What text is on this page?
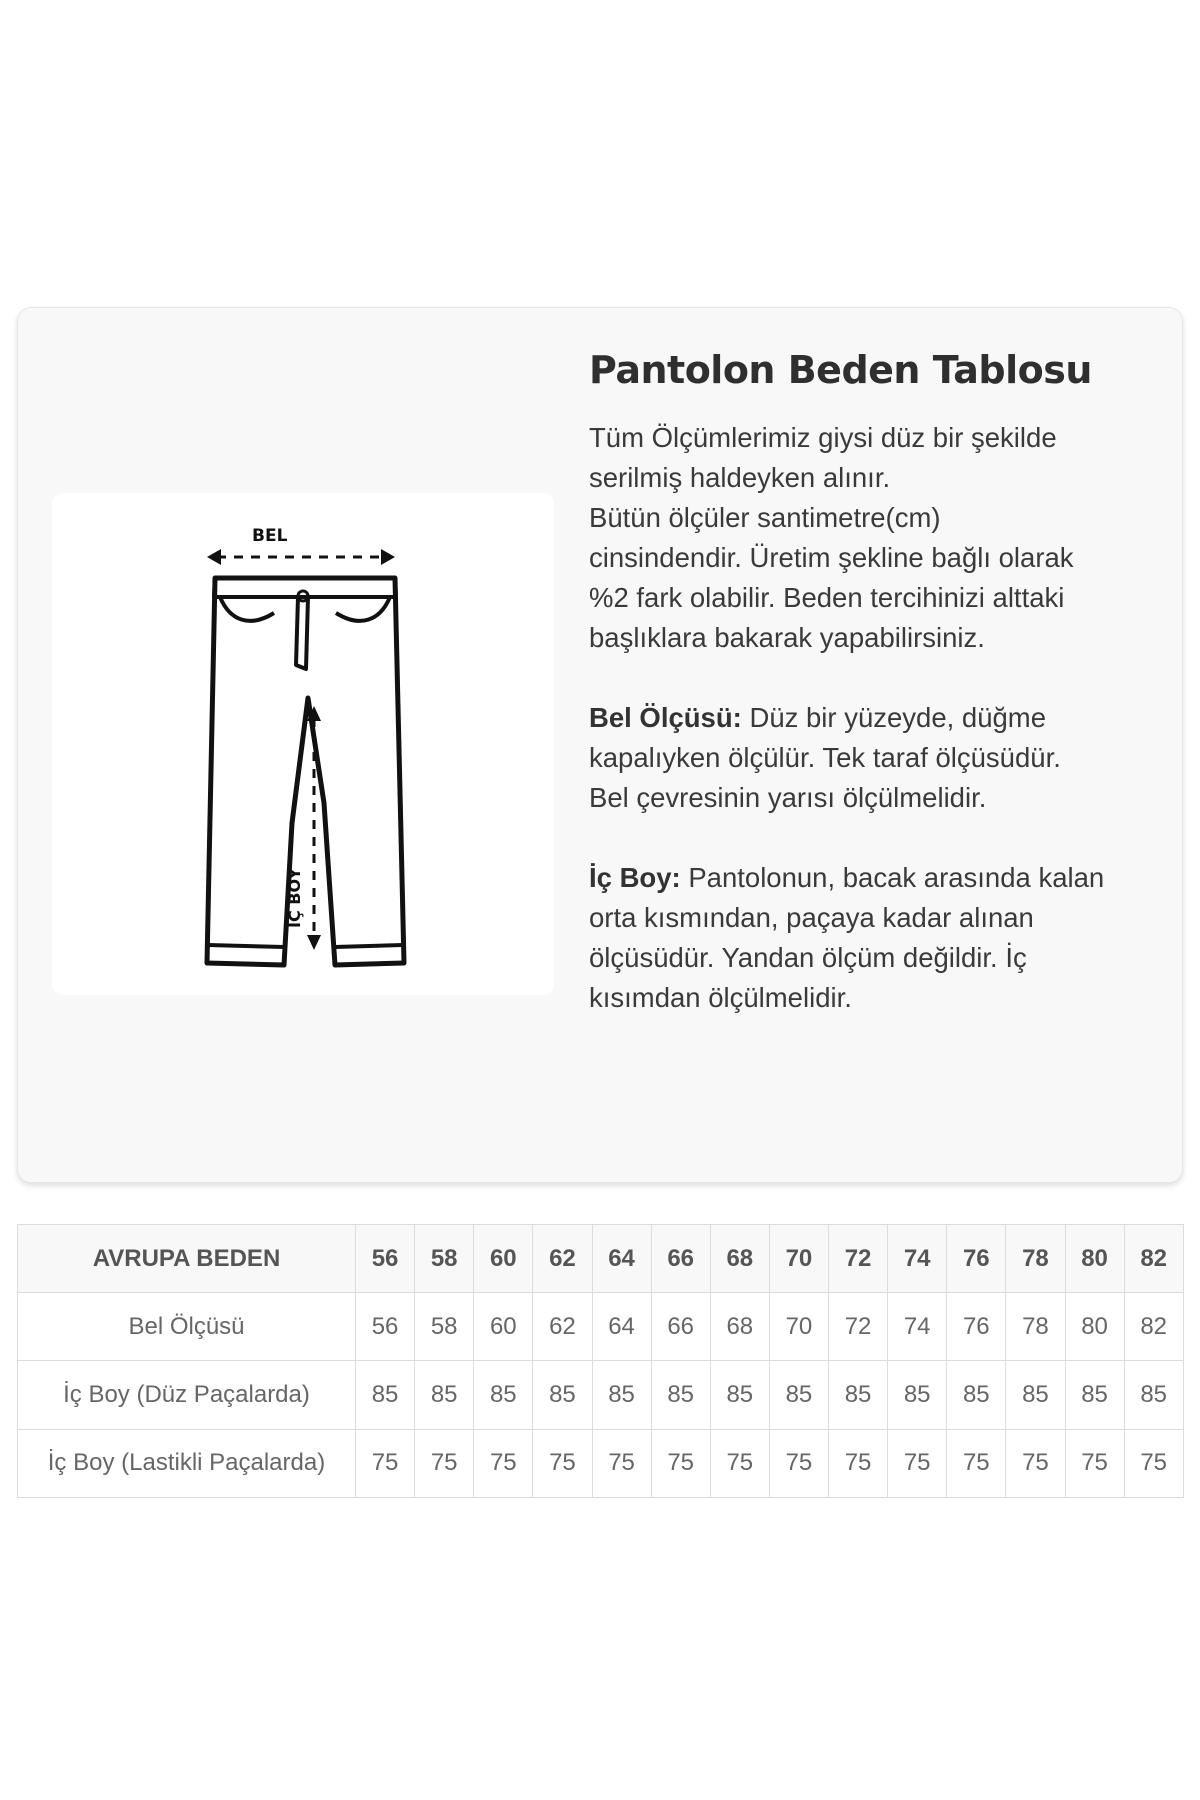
BEL
İÇ BOY
Pantolon Beden Tablosu

Tüm Ölçümlerimiz giysi düz bir şekilde
serilmiş haldeyken alınır.
Bütün ölçüler santimetre(cm)
cinsindendir. Üretim şekline bağlı olarak
%2 fark olabilir. Beden tercihinizi alttaki
başlıklara bakarak yapabilirsiniz.

Bel Ölçüsü: Düz bir yüzeyde, düğme
kapalıyken ölçülür. Tek taraf ölçüsüdür.
Bel çevresinin yarısı ölçülmelidir.

İç Boy: Pantolonun, bacak arasında kalan
orta kısmından, paçaya kadar alınan
ölçüsüdür. Yandan ölçüm değildir. İç
kısımdan ölçülmelidir.

AVRUPA BEDEN	56	58	60	62	64	66	68	70	72	74	76	78	80	82
Bel Ölçüsü	56	58	60	62	64	66	68	70	72	74	76	78	80	82
İç Boy (Düz Paçalarda)	85	85	85	85	85	85	85	85	85	85	85	85	85	85
İç Boy (Lastikli Paçalarda)	75	75	75	75	75	75	75	75	75	75	75	75	75	75
